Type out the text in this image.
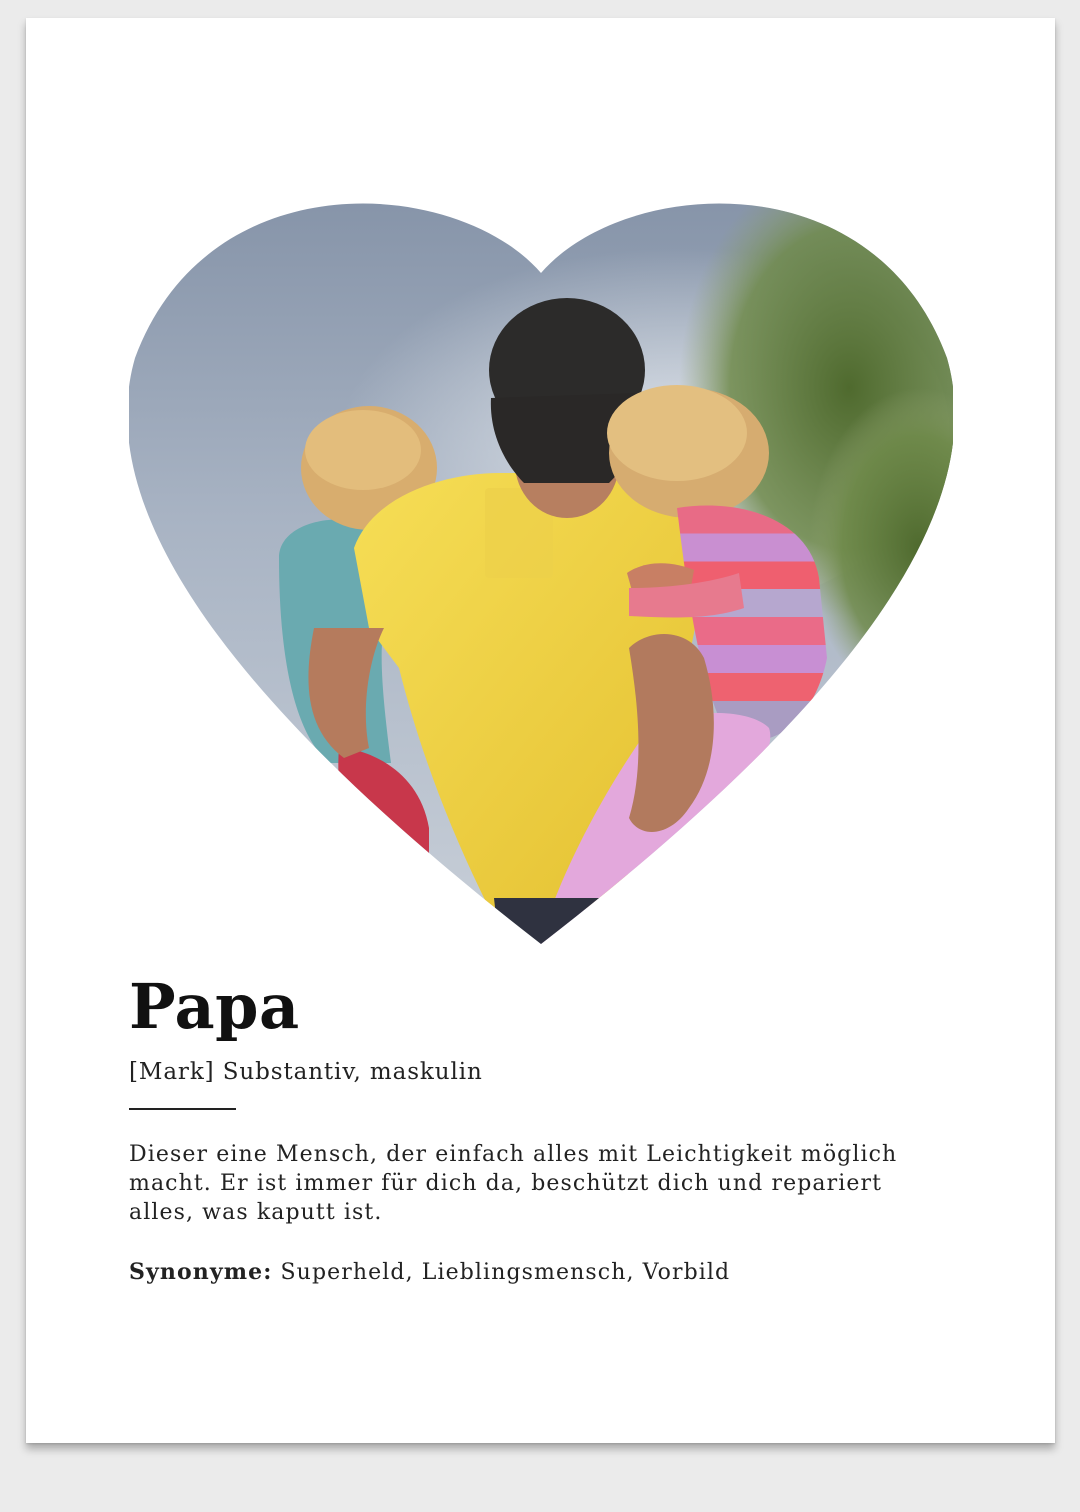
Papa
[Mark] Substantiv, maskulin

Dieser eine Mensch, der einfach alles mit Leichtigkeit möglich macht. Er ist immer für dich da, beschützt dich und repariert alles, was kaputt ist.

Synonyme: Superheld, Lieblingsmensch, Vorbild
